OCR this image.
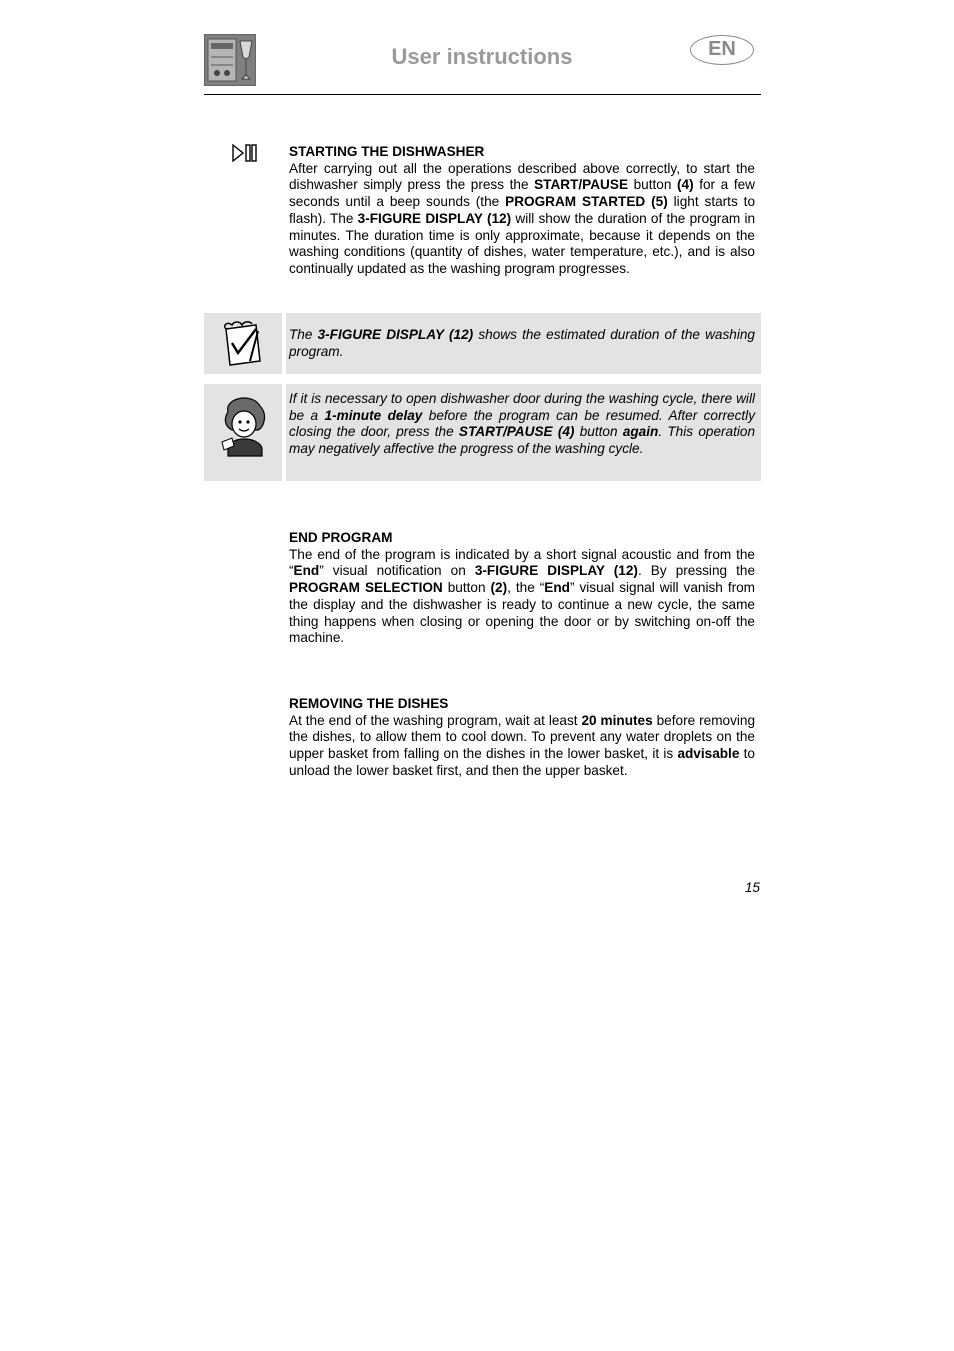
User instructions	EN
STARTING THE DISHWASHER
After carrying out all the operations described above correctly, to start the dishwasher simply press the press the START/PAUSE button (4) for a few seconds until a beep sounds (the PROGRAM STARTED (5) light starts to flash). The 3-FIGURE DISPLAY (12) will show the duration of the program in minutes. The duration time is only approximate, because it depends on the washing conditions (quantity of dishes, water temperature, etc.), and is also continually updated as the washing program progresses.
The 3-FIGURE DISPLAY (12) shows the estimated duration of the washing program.
If it is necessary to open dishwasher door during the washing cycle, there will be a 1-minute delay before the program can be resumed. After correctly closing the door, press the START/PAUSE (4) button again. This operation may negatively affective the progress of the washing cycle.
END PROGRAM
The end of the program is indicated by a short signal acoustic and from the “End” visual notification on 3-FIGURE DISPLAY (12). By pressing the PROGRAM SELECTION button (2), the “End” visual signal will vanish from the display and the dishwasher is ready to continue a new cycle, the same thing happens when closing or opening the door or by switching on-off the machine.
REMOVING THE DISHES
At the end of the washing program, wait at least 20 minutes before removing the dishes, to allow them to cool down. To prevent any water droplets on the upper basket from falling on the dishes in the lower basket, it is advisable to unload the lower basket first, and then the upper basket.
15
